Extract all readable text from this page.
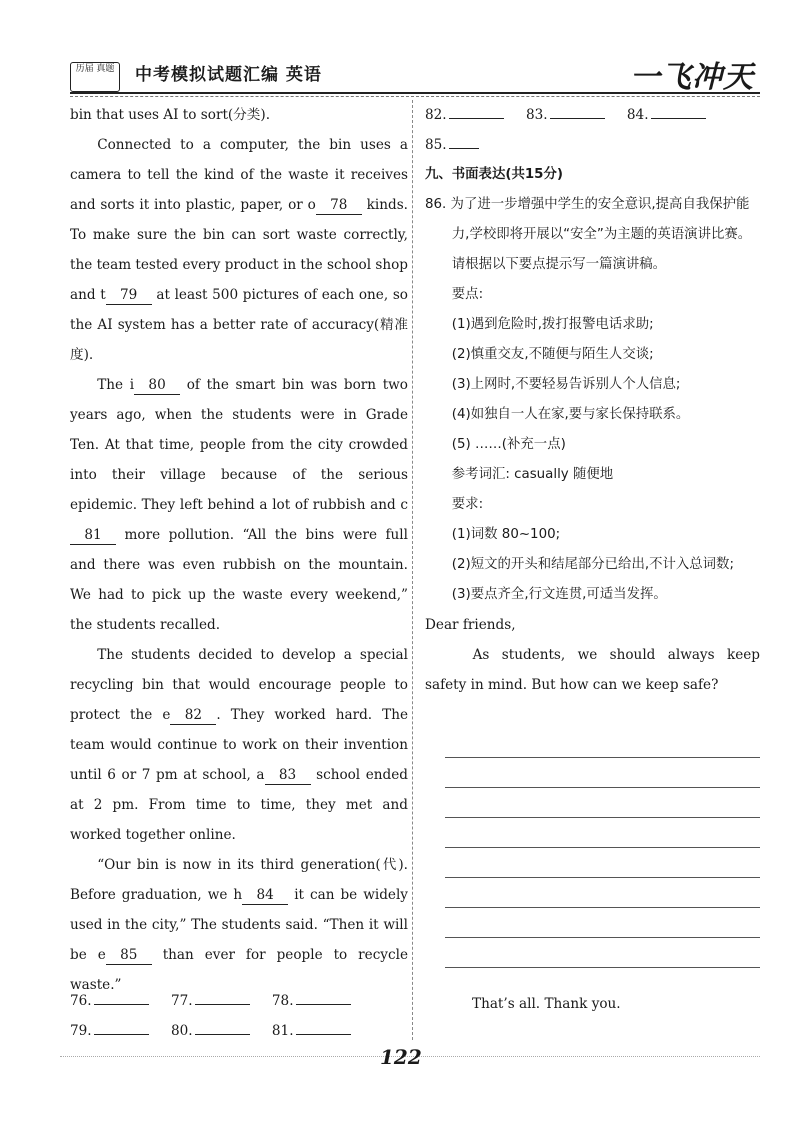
历届 真题	中考模拟试题汇编 英语	一飞冲天

bin that uses AI to sort(分类).

Connected to a computer, the bin uses a camera to tell the kind of the waste it receives and sorts it into plastic, paper, or o 78 kinds. To make sure the bin can sort waste correctly, the team tested every product in the school shop and t 79 at least 500 pictures of each one, so the AI system has a better rate of accuracy(精准度).

The i 80 of the smart bin was born two years ago, when the students were in Grade Ten. At that time, people from the city crowded into their village because of the serious epidemic. They left behind a lot of rubbish and c81 more pollution. “All the bins were full and there was even rubbish on the mountain. We had to pick up the waste every weekend,” the students recalled.

The students decided to develop a special recycling bin that would encourage people to protect the e 82 . They worked hard. The team would continue to work on their invention until 6 or 7 pm at school, a 83 school ended at 2 pm. From time to time, they met and worked together online.

“Our bin is now in its third generation(代). Before graduation, we h 84 it can be widely used in the city,” The students said. “Then it will be e 85 than ever for people to recycle waste.”

76.	77.	78.
79.	80.	81.

82.	83.	84.

85.

九、书面表达(共15分)

86. 为了进一步增强中学生的安全意识,提高自我保护能力,学校即将开展以“安全”为主题的英语演讲比赛。请根据以下要点提示写一篇演讲稿。

要点:

(1)遇到危险时,拨打报警电话求助;

(2)慎重交友,不随便与陌生人交谈;

(3)上网时,不要轻易告诉别人个人信息;

(4)如独自一人在家,要与家长保持联系。

(5) ……(补充一点)

参考词汇: casually 随便地

要求:

(1)词数 80~100;

(2)短文的开头和结尾部分已给出,不计入总词数;

(3)要点齐全,行文连贯,可适当发挥。

Dear friends,

As students, we should always keep safety in mind. But how can we keep safe?

That’s all. Thank you.
122
